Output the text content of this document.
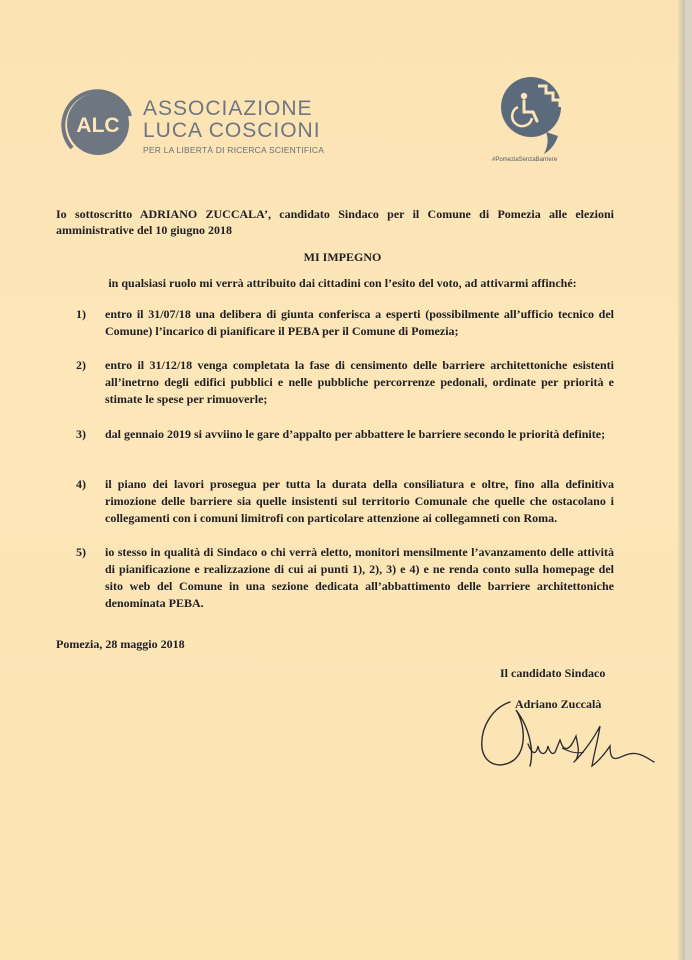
ALC
ASSOCIAZIONE
LUCA COSCIONI
PER LA LIBERTÀ DI RICERCA SCIENTIFICA
#PomeziaSenzaBarriere
Io sottoscritto ADRIANO ZUCCALA’, candidato Sindaco per il Comune di Pomezia alle elezioni amministrative del 10 giugno 2018
MI IMPEGNO
in qualsiasi ruolo mi verrà attribuito dai cittadini con l’esito del voto, ad attivarmi affinché:
1) entro il 31/07/18 una delibera di giunta conferisca a esperti (possibilmente all’ufficio tecnico del Comune) l’incarico di pianificare il PEBA per il Comune di Pomezia;
2) entro il 31/12/18 venga completata la fase di censimento delle barriere architettoniche esistenti all’inetrno degli edifici pubblici e nelle pubbliche percorrenze pedonali, ordinate per priorità e stimate le spese per rimuoverle;
3) dal gennaio 2019 si avviino le gare d’appalto per abbattere le barriere secondo le priorità definite;
4) il piano dei lavori prosegua per tutta la durata della consiliatura e oltre, fino alla definitiva rimozione delle barriere sia quelle insistenti sul territorio Comunale che quelle che ostacolano i collegamenti con i comuni limitrofi con particolare attenzione ai collegamneti con Roma.
5) io stesso in qualità di Sindaco o chi verrà eletto, monitori mensilmente l’avanzamento delle attività di pianificazione e realizzazione di cui ai punti 1), 2), 3) e 4) e ne renda conto sulla homepage del sito web del Comune in una sezione dedicata all’abbattimento delle barriere architettoniche denominata PEBA.
Pomezia, 28 maggio 2018
Il candidato Sindaco
Adriano Zuccalà
